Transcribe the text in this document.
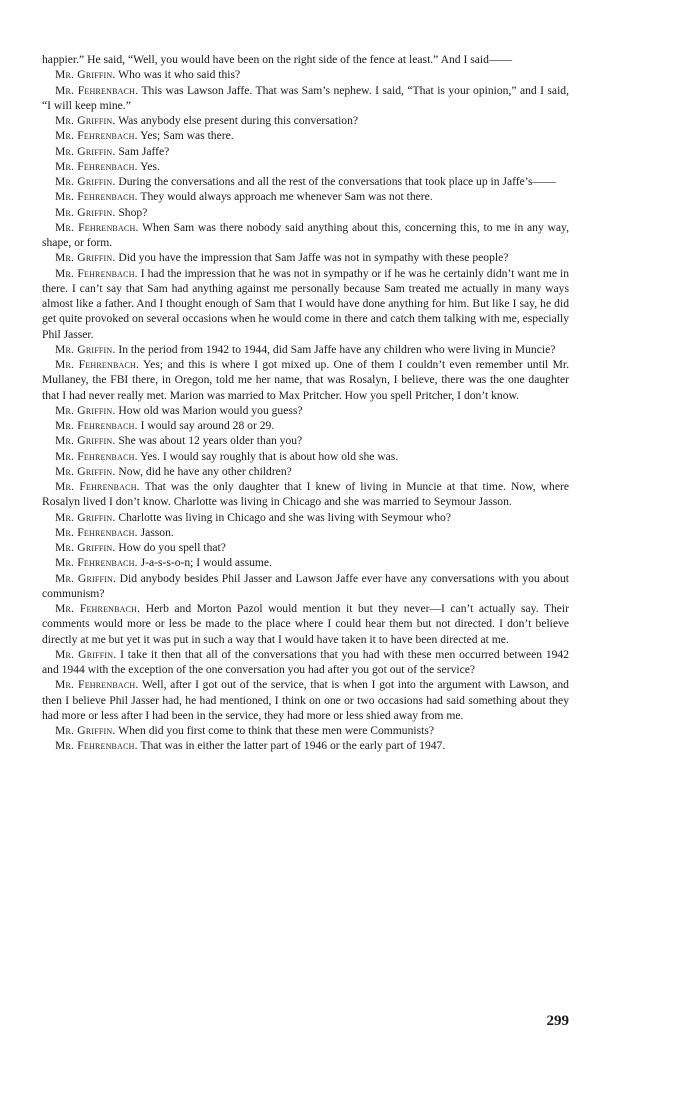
happier.” He said, “Well, you would have been on the right side of the fence at least.” And I said——

Mr. Griffin. Who was it who said this?

Mr. Fehrenbach. This was Lawson Jaffe. That was Sam’s nephew. I said, “That is your opinion,” and I said, “I will keep mine.”

Mr. Griffin. Was anybody else present during this conversation?

Mr. Fehrenbach. Yes; Sam was there.

Mr. Griffin. Sam Jaffe?

Mr. Fehrenbach. Yes.

Mr. Griffin. During the conversations and all the rest of the conversations that took place up in Jaffe’s——

Mr. Fehrenbach. They would always approach me whenever Sam was not there.

Mr. Griffin. Shop?

Mr. Fehrenbach. When Sam was there nobody said anything about this, concerning this, to me in any way, shape, or form.

Mr. Griffin. Did you have the impression that Sam Jaffe was not in sympathy with these people?

Mr. Fehrenbach. I had the impression that he was not in sympathy or if he was he certainly didn’t want me in there. I can’t say that Sam had anything against me personally because Sam treated me actually in many ways almost like a father. And I thought enough of Sam that I would have done anything for him. But like I say, he did get quite provoked on several occasions when he would come in there and catch them talking with me, especially Phil Jasser.

Mr. Griffin. In the period from 1942 to 1944, did Sam Jaffe have any children who were living in Muncie?

Mr. Fehrenbach. Yes; and this is where I got mixed up. One of them I couldn’t even remember until Mr. Mullaney, the FBI there, in Oregon, told me her name, that was Rosalyn, I believe, there was the one daughter that I had never really met. Marion was married to Max Pritcher. How you spell Pritcher, I don’t know.

Mr. Griffin. How old was Marion would you guess?

Mr. Fehrenbach. I would say around 28 or 29.

Mr. Griffin. She was about 12 years older than you?

Mr. Fehrenbach. Yes. I would say roughly that is about how old she was.

Mr. Griffin. Now, did he have any other children?

Mr. Fehrenbach. That was the only daughter that I knew of living in Muncie at that time. Now, where Rosalyn lived I don’t know. Charlotte was living in Chicago and she was married to Seymour Jasson.

Mr. Griffin. Charlotte was living in Chicago and she was living with Seymour who?

Mr. Fehrenbach. Jasson.

Mr. Griffin. How do you spell that?

Mr. Fehrenbach. J-a-s-s-o-n; I would assume.

Mr. Griffin. Did anybody besides Phil Jasser and Lawson Jaffe ever have any conversations with you about communism?

Mr. Fehrenbach. Herb and Morton Pazol would mention it but they never—I can’t actually say. Their comments would more or less be made to the place where I could hear them but not directed. I don’t believe directly at me but yet it was put in such a way that I would have taken it to have been directed at me.

Mr. Griffin. I take it then that all of the conversations that you had with these men occurred between 1942 and 1944 with the exception of the one conversation you had after you got out of the service?

Mr. Fehrenbach. Well, after I got out of the service, that is when I got into the argument with Lawson, and then I believe Phil Jasser had, he had mentioned, I think on one or two occasions had said something about they had more or less after I had been in the service, they had more or less shied away from me.

Mr. Griffin. When did you first come to think that these men were Communists?

Mr. Fehrenbach. That was in either the latter part of 1946 or the early part of 1947.

299
